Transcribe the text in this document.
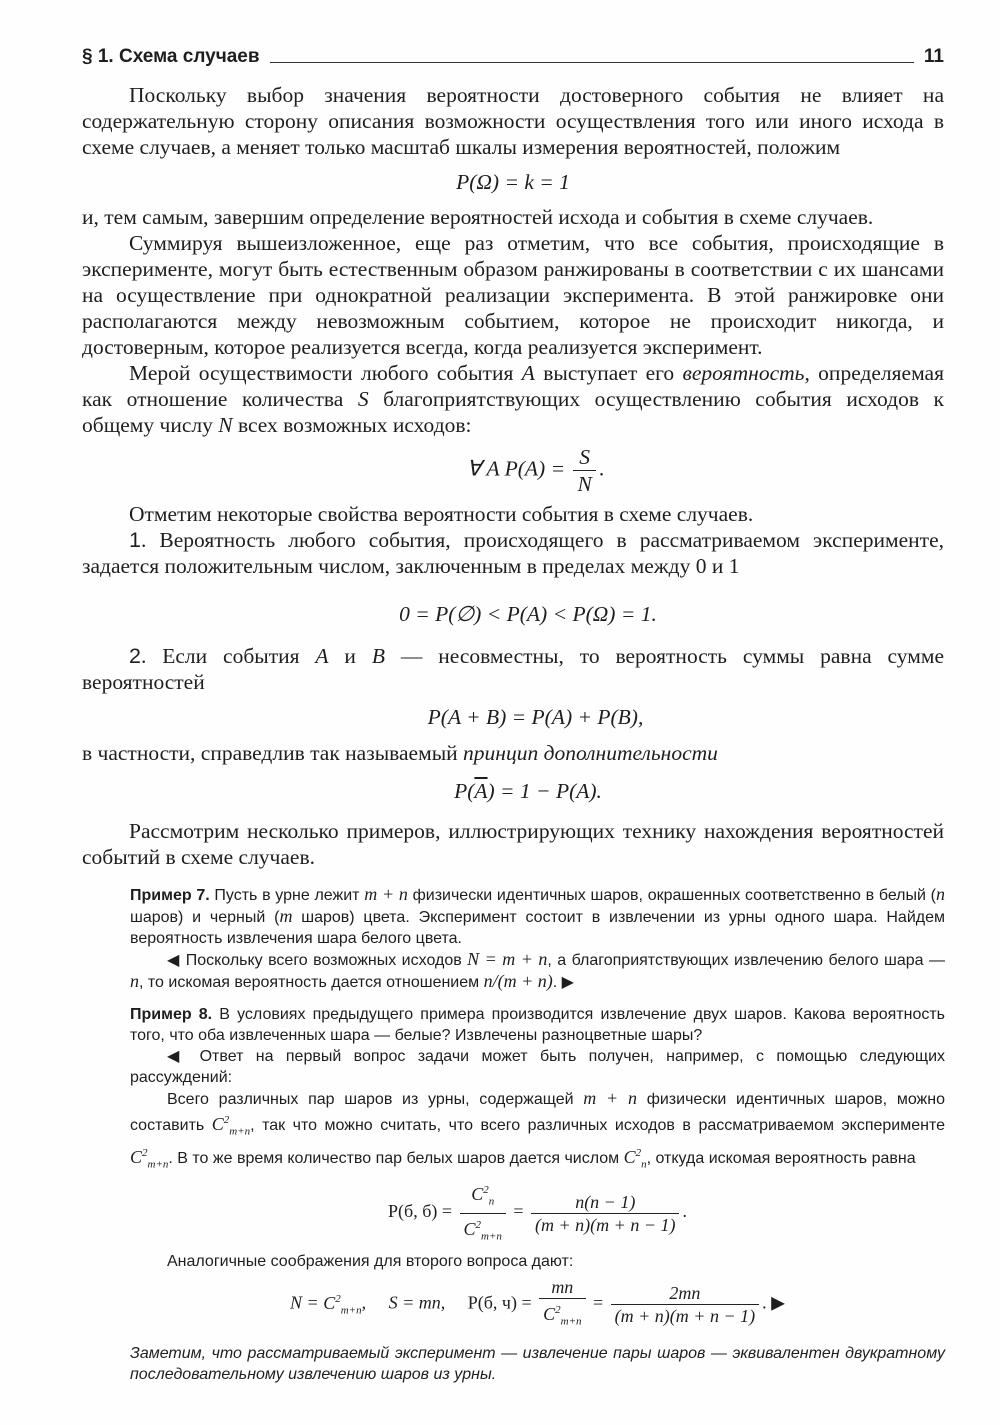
§ 1. Схема случаев	11

Поскольку выбор значения вероятности достоверного события не влияет на содержательную сторону описания возможности осуществления того или иного исхода в схеме случаев, а меняет только масштаб шкалы измерения вероятностей, положим

P(Ω) = k = 1

и, тем самым, завершим определение вероятностей исхода и события в схеме случаев.

Суммируя вышеизложенное, еще раз отметим, что все события, происходящие в эксперименте, могут быть естественным образом ранжированы в соответствии с их шансами на осуществление при однократной реализации эксперимента. В этой ранжировке они располагаются между невозможным событием, которое не происходит никогда, и достоверным, которое реализуется всегда, когда реализуется эксперимент.

Мерой осуществимости любого события A выступает его вероятность, определяемая как отношение количества S благоприятствующих осуществлению события исходов к общему числу N всех возможных исходов:

∀ A $P(A) = \frac{S}{N}$ .

Отметим некоторые свойства вероятности события в схеме случаев.

1. Вероятность любого события, происходящего в рассматриваемом эксперименте, задается положительным числом, заключенным в пределах между 0 и 1

0 = P(∅) < P(A) < P(Ω) = 1.

2. Если события A и B — несовместны, то вероятность суммы равна сумме вероятностей

P(A + B) = P(A) + P(B),

в частности, справедлив так называемый принцип дополнительности

$P(\overline{A}) = 1 - P(A)$.

Рассмотрим несколько примеров, иллюстрирующих технику нахождения вероятностей событий в схеме случаев.

Пример 7. Пусть в урне лежит m + n физически идентичных шаров, окрашенных соответственно в белый (n шаров) и черный (m шаров) цвета. Эксперимент состоит в извлечении из урны одного шара. Найдем вероятность извлечения шара белого цвета.

◀ Поскольку всего возможных исходов N = m + n, а благоприятствующих извлечению белого шара — n, то искомая вероятность дается отношением n/(m + n). ▶

Пример 8. В условиях предыдущего примера производится извлечение двух шаров. Какова вероятность того, что оба извлеченных шара — белые? Извлечены разноцветные шары?

◀ Ответ на первый вопрос задачи может быть получен, например, с помощью следующих рассуждений:

Всего различных пар шаров из урны, содержащей m + n физически идентичных шаров, можно составить $C^2_{m+n}$, так что можно считать, что всего различных исходов в рассматриваемом эксперименте $C^2_{m+n}$. В то же время количество пар белых шаров дается числом $C^2_n$, откуда искомая вероятность равна

P(б, $б) = \frac{C^2_n}{C^2_{m+n}} = \frac{n(n - 1)}{(m + n)(m + n - 1)}$ .

Аналогичные соображения для второго вопроса дают:

$N = C^2_{m+n}$, S = mn, P(б, $ч) = \frac{mn}{C^2_{m+n}} = \frac{2mn}{(m + n)(m + n - 1)}$ . ▶

Заметим, что рассматриваемый эксперимент — извлечение пары шаров — эквивалентен двукратному последовательному извлечению шаров из урны.
